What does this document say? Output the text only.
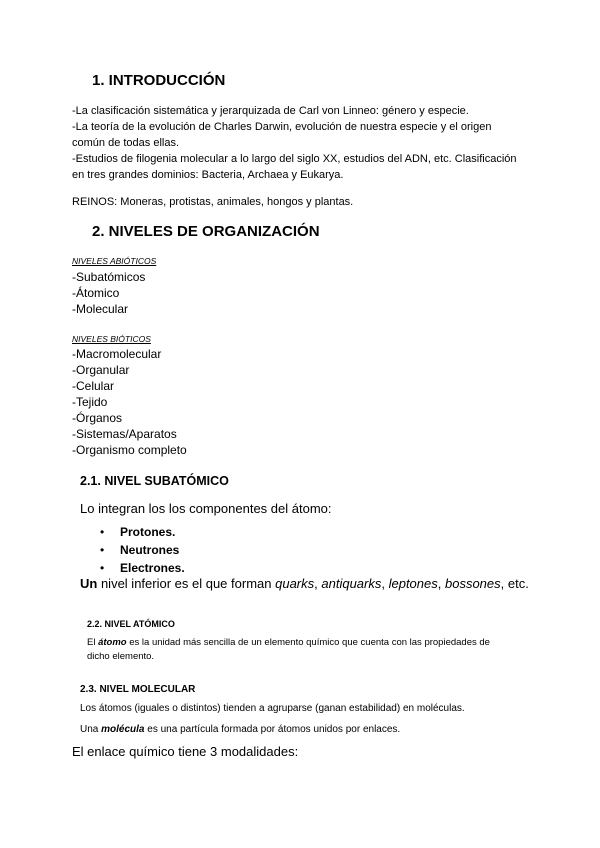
1. INTRODUCCIÓN
-La clasificación sistemática y jerarquizada de Carl von Linneo: género y especie.
-La teoría de la evolución de Charles Darwin, evolución de nuestra especie y el origen
común de todas ellas.
-Estudios de filogenia molecular a lo largo del siglo XX, estudios del ADN, etc. Clasificación
en tres grandes dominios: Bacteria, Archaea y Eukarya.
REINOS: Moneras, protistas, animales, hongos y plantas.
2. NIVELES DE ORGANIZACIÓN
NIVELES ABIÓTICOS
-Subatómicos
-Átomico
-Molecular
NIVELES BIÓTICOS
-Macromolecular
-Organular
-Celular
-Tejido
-Órganos
-Sistemas/Aparatos
-Organismo completo
2.1. NIVEL SUBATÓMICO
Lo integran los los componentes del átomo:
• Protones.
• Neutrones
• Electrones.
Un nivel inferior es el que forman quarks, antiquarks, leptones, bossones, etc.
2.2. NIVEL ATÓMICO
El átomo es la unidad más sencilla de un elemento químico que cuenta con las propiedades de
dicho elemento.
2.3. NIVEL MOLECULAR
Los átomos (iguales o distintos) tienden a agruparse (ganan estabilidad) en moléculas.
Una molécula es una partícula formada por átomos unidos por enlaces.
El enlace químico tiene 3 modalidades:
